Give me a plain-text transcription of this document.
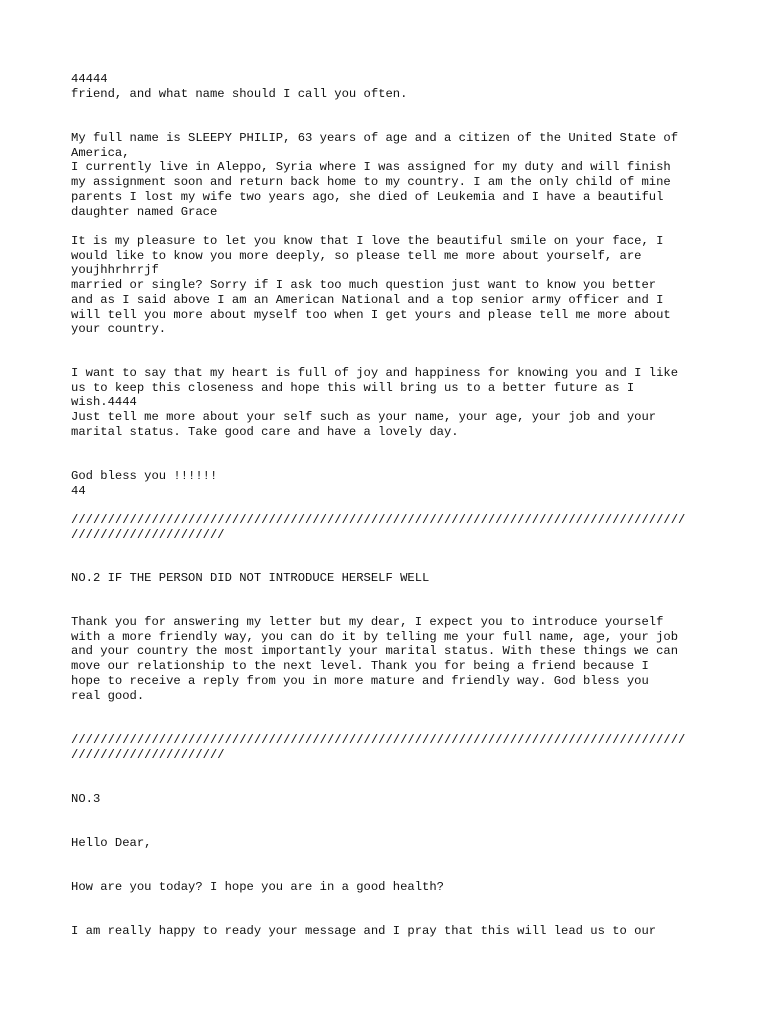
44444
friend, and what name should I call you often.

My full name is SLEEPY PHILIP, 63 years of age and a citizen of the United State of
America,
I currently live in Aleppo, Syria where I was assigned for my duty and will finish
my assignment soon and return back home to my country. I am the only child of mine
parents I lost my wife two years ago, she died of Leukemia and I have a beautiful
daughter named Grace

It is my pleasure to let you know that I love the beautiful smile on your face, I
would like to know you more deeply, so please tell me more about yourself, are
youjhhrhrrjf
married or single? Sorry if I ask too much question just want to know you better
and as I said above I am an American National and a top senior army officer and I
will tell you more about myself too when I get yours and please tell me more about
your country.

I want to say that my heart is full of joy and happiness for knowing you and I like
us to keep this closeness and hope this will bring us to a better future as I
wish.4444
Just tell me more about your self such as your name, your age, your job and your
marital status. Take good care and have a lovely day.

God bless you !!!!!!
44

////////////////////////////////////////////////////////////////////////////////////
/////////////////////

NO.2 IF THE PERSON DID NOT INTRODUCE HERSELF WELL

Thank you for answering my letter but my dear, I expect you to introduce yourself
with a more friendly way, you can do it by telling me your full name, age, your job
and your country the most importantly your marital status. With these things we can
move our relationship to the next level. Thank you for being a friend because I
hope to receive a reply from you in more mature and friendly way. God bless you
real good.

////////////////////////////////////////////////////////////////////////////////////
/////////////////////

NO.3

Hello Dear,

How are you today? I hope you are in a good health?

I am really happy to ready your message and I pray that this will lead us to our
